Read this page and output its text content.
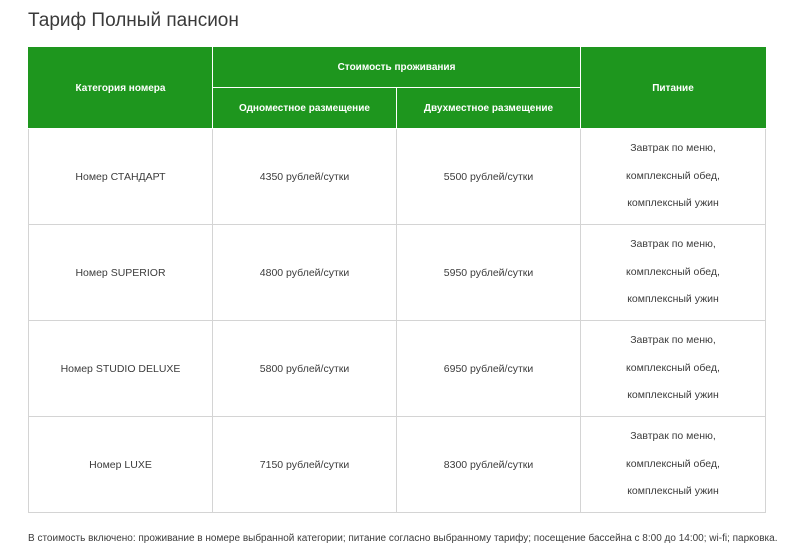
Тариф Полный пансион
Категория номера	Стоимость проживания		Питание
	Одноместное размещение	Двухместное размещение	
Номер СТАНДАРТ	4350 рублей/сутки	5500 рублей/сутки	Завтрак по меню,
комплексный обед,
комплексный ужин

Номер SUPERIOR	4800 рублей/сутки	5950 рублей/сутки	Завтрак по меню,
комплексный обед,
комплексный ужин

Номер STUDIO DELUXE	5800 рублей/сутки	6950 рублей/сутки	Завтрак по меню,
комплексный обед,
комплексный ужин

Номер LUXE	7150 рублей/сутки	8300 рублей/сутки	Завтрак по меню,
комплексный обед,
комплексный ужин

В стоимость включено: проживание в номере выбранной категории; питание согласно выбранному тарифу; посещение бассейна с 8:00 до 14:00; wi-fi; парковка.
